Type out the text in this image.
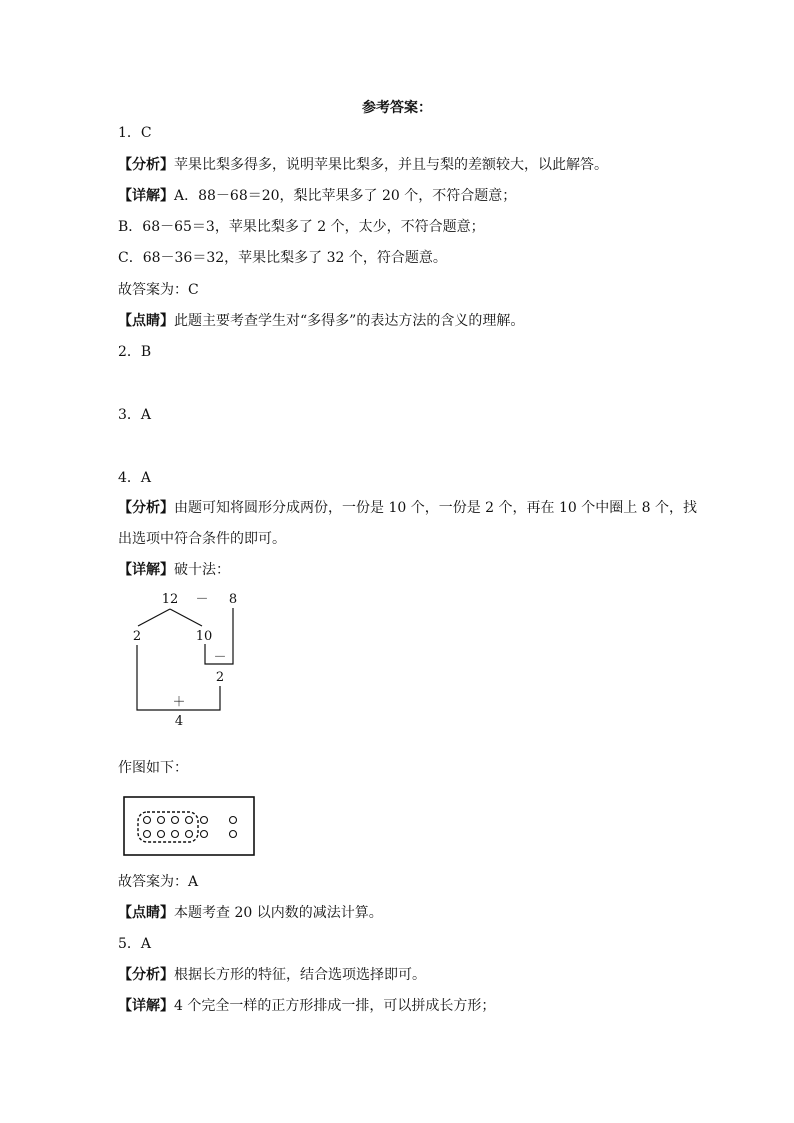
参考答案：
1．C
【分析】苹果比梨多得多，说明苹果比梨多，并且与梨的差额较大，以此解答。
【详解】A．88－68＝20，梨比苹果多了 20 个，不符合题意；
B．68－65＝3，苹果比梨多了 2 个，太少，不符合题意；
C．68－36＝32，苹果比梨多了 32 个，符合题意。
故答案为：C
【点睛】此题主要考查学生对“多得多”的表达方法的含义的理解。
2．B
3．A
4．A
【分析】由题可知将圆形分成两份，一份是 10 个，一份是 2 个，再在 10 个中圈上 8 个，找
出选项中符合条件的即可。
【详解】破十法：
12 － 8
2	10
－
2
＋
4
作图如下：
故答案为：A
【点睛】本题考查 20 以内数的减法计算。
5．A
【分析】根据长方形的特征，结合选项选择即可。
【详解】4 个完全一样的正方形排成一排，可以拼成长方形；
